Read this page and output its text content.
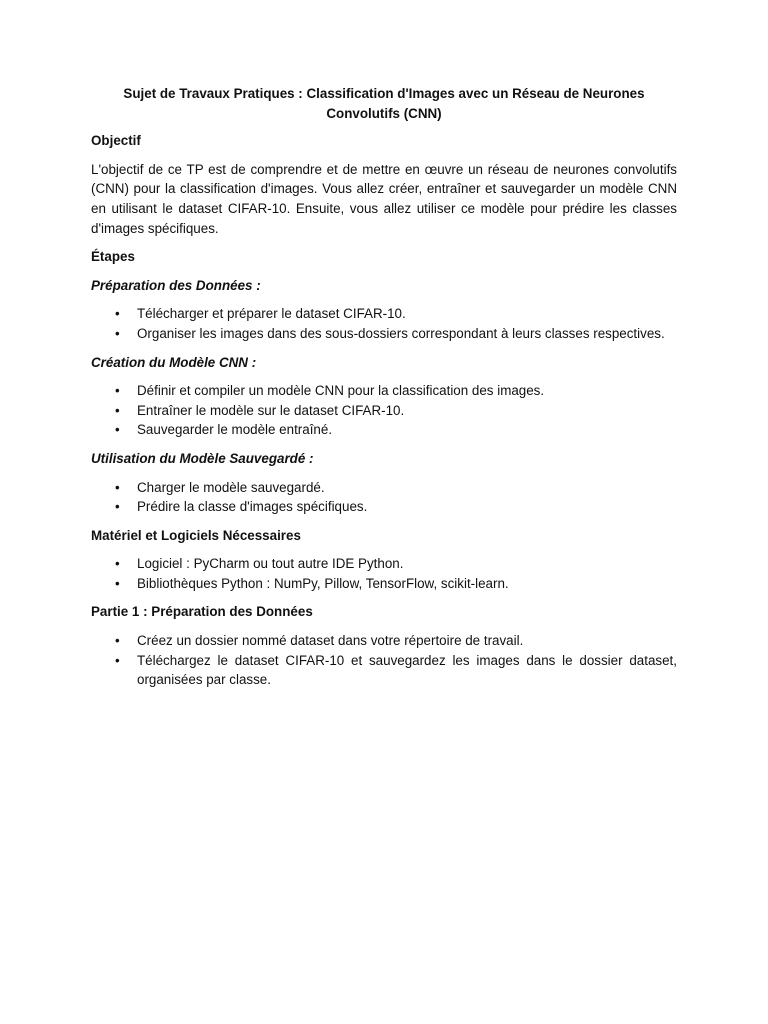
Sujet de Travaux Pratiques : Classification d'Images avec un Réseau de Neurones Convolutifs (CNN)
Objectif
L'objectif de ce TP est de comprendre et de mettre en œuvre un réseau de neurones convolutifs (CNN) pour la classification d'images. Vous allez créer, entraîner et sauvegarder un modèle CNN en utilisant le dataset CIFAR-10. Ensuite, vous allez utiliser ce modèle pour prédire les classes d'images spécifiques.
Étapes
Préparation des Données :
•	Télécharger et préparer le dataset CIFAR-10.
•	Organiser les images dans des sous-dossiers correspondant à leurs classes respectives.
Création du Modèle CNN :
•	Définir et compiler un modèle CNN pour la classification des images.
•	Entraîner le modèle sur le dataset CIFAR-10.
•	Sauvegarder le modèle entraîné.
Utilisation du Modèle Sauvegardé :
•	Charger le modèle sauvegardé.
•	Prédire la classe d'images spécifiques.
Matériel et Logiciels Nécessaires
•	Logiciel : PyCharm ou tout autre IDE Python.
•	Bibliothèques Python : NumPy, Pillow, TensorFlow, scikit-learn.
Partie 1 : Préparation des Données
•	Créez un dossier nommé dataset dans votre répertoire de travail.
•	Téléchargez le dataset CIFAR-10 et sauvegardez les images dans le dossier dataset, organisées par classe.
